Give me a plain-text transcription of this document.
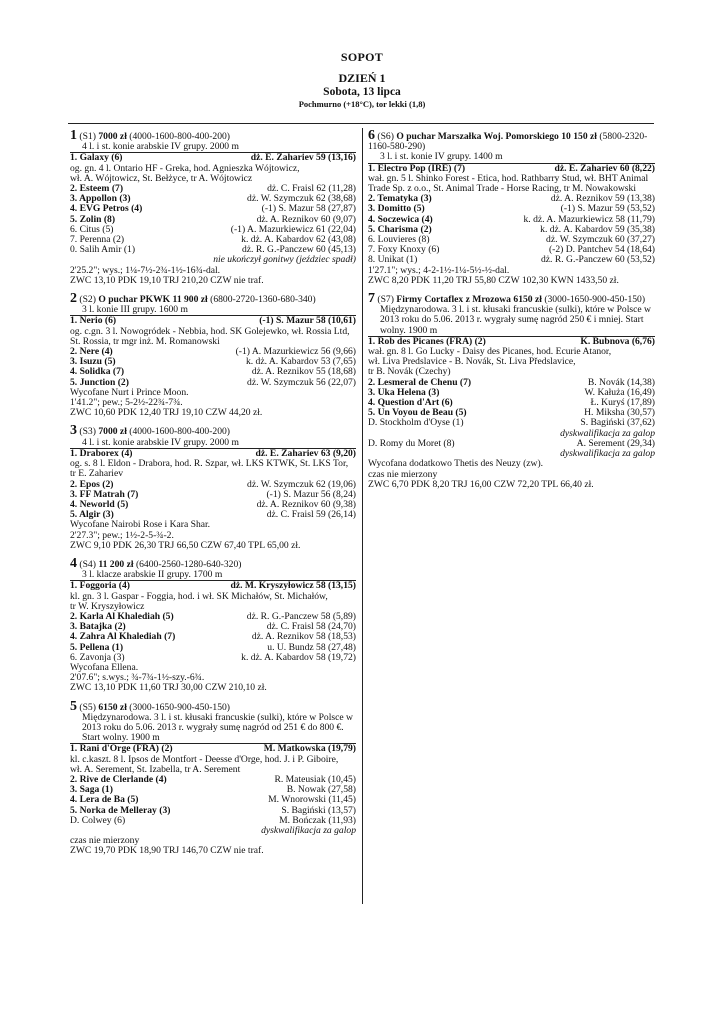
SOPOT
DZIEŃ 1
Sobota, 13 lipca
Pochmurno (+18°C), tor lekki (1,8)
1 (S1) 7000 zł (4000-1600-800-400-200)
4 l. i st. konie arabskie IV grupy. 2000 m
1. Galaxy (6)	dż. E. Zahariev 59 (13,16)
og. gn. 4 l. Ontario HF - Greka, hod. Agnieszka Wójtowicz,
wł. A. Wójtowicz, St. Bełżyce, tr A. Wójtowicz
2. Esteem (7)	dż. C. Fraisl 62 (11,28)
3. Appollon (3)	dż. W. Szymczuk 62 (38,68)
4. EVG Petros (4)	(-1) S. Mazur 58 (27,87)
5. Zolin (8)	dż. A. Reznikov 60 (9,07)
6. Citus (5)	(-1) A. Mazurkiewicz 61 (22,04)
7. Perenna (2)	k. dż. A. Kabardov 62 (43,08)
0. Salih Amir (1)	dż. R. G.-Panczew 60 (45,13)
nie ukończył gonitwy (jeździec spadł)
2'25.2"; wys.; 1¼-7½-2¾-1½-16¾-dal.
ZWC 13,10 PDK 19,10 TRJ 210,20 CZW nie traf.
2 (S2) O puchar PKWK 11 900 zł (6800-2720-1360-680-340)
3 l. konie III grupy. 1600 m
1. Nerio (6)	(-1) S. Mazur 58 (10,61)
og. c.gn. 3 l. Nowogródek - Nebbia, hod. SK Golejewko, wł. Rossia Ltd,
St. Rossia, tr mgr inż. M. Romanowski
2. Nere (4)	(-1) A. Mazurkiewicz 56 (9,66)
3. Isuzu (5)	k. dż. A. Kabardov 53 (7,65)
4. Solidka (7)	dż. A. Reznikov 55 (18,68)
5. Junction (2)	dż. W. Szymczuk 56 (22,07)
Wycofane Nurt i Prince Moon.
1'41.2"; pew.; 5-2½-22¾-7¾.
ZWC 10,60 PDK 12,40 TRJ 19,10 CZW 44,20 zł.
3 (S3) 7000 zł (4000-1600-800-400-200)
4 l. i st. konie arabskie IV grupy. 2000 m
1. Draborex (4)	dż. E. Zahariev 63 (9,20)
og. s. 8 l. Eldon - Drabora, hod. R. Szpar, wł. LKS KTWK, St. LKS Tor,
tr E. Zahariev
2. Epos (2)	dż. W. Szymczuk 62 (19,06)
3. FF Matrah (7)	(-1) S. Mazur 56 (8,24)
4. Neworld (5)	dż. A. Reznikov 60 (9,38)
5. Algir (3)	dż. C. Fraisl 59 (26,14)
Wycofane Nairobi Rose i Kara Shar.
2'27.3"; pew.; 1½-2-5-¾-2.
ZWC 9,10 PDK 26,30 TRJ 66,50 CZW 67,40 TPL 65,00 zł.
4 (S4) 11 200 zł (6400-2560-1280-640-320)
3 l. klacze arabskie II grupy. 1700 m
1. Foggoria (4)	dż. M. Kryszyłowicz 58 (13,15)
kl. gn. 3 l. Gaspar - Foggia, hod. i wł. SK Michałów, St. Michałów,
tr W. Kryszyłowicz
2. Karla Al Khalediah (5)	dż. R. G.-Panczew 58 (5,89)
3. Batajka (2)	dż. C. Fraisl 58 (24,70)
4. Zahra Al Khalediah (7)	dż. A. Reznikov 58 (18,53)
5. Pellena (1)	u. U. Bundz 58 (27,48)
6. Zavonja (3)	k. dż. A. Kabardov 58 (19,72)
Wycofana Ellena.
2'07.6"; s.wys.; ¾-7¾-1½-szy.-6¾.
ZWC 13,10 PDK 11,60 TRJ 30,00 CZW 210,10 zł.
5 (S5) 6150 zł (3000-1650-900-450-150)
Międzynarodowa. 3 l. i st. kłusaki francuskie (sulki), które w Polsce w 2013 roku do 5.06. 2013 r. wygrały sumę nagród od 251 € do 800 €. Start wolny. 1900 m
1. Rani d'Orge (FRA) (2)	M. Matkowska (19,79)
kl. c.kaszt. 8 l. Ipsos de Montfort - Deesse d'Orge, hod. J. i P. Giboire,
wł. A. Serement, St. Izabella, tr A. Serement
2. Rive de Clerlande (4)	R. Mateusiak (10,45)
3. Saga (1)	B. Nowak (27,58)
4. Lera de Ba (5)	M. Wnorowski (11,45)
5. Norka de Melleray (3)	S. Bagiński (13,57)
D. Colwey (6)	M. Bończak (11,93)
dyskwalifikacja za galop
czas nie mierzony
ZWC 19,70 PDK 18,90 TRJ 146,70 CZW nie traf.
6 (S6) O puchar Marszałka Woj. Pomorskiego 10 150 zł (5800-2320-1160-580-290)
3 l. i st. konie IV grupy. 1400 m
1. Electro Pop (IRE) (7)	dż. E. Zahariev 60 (8,22)
wał. gn. 5 l. Shinko Forest - Etica, hod. Rathbarry Stud, wł. BHT Animal
Trade Sp. z o.o., St. Animal Trade - Horse Racing, tr M. Nowakowski
2. Tematyka (3)	dż. A. Reznikov 59 (13,38)
3. Domitto (5)	(-1) S. Mazur 59 (53,52)
4. Soczewica (4)	k. dż. A. Mazurkiewicz 58 (11,79)
5. Charisma (2)	k. dż. A. Kabardov 59 (35,38)
6. Louvieres (8)	dż. W. Szymczuk 60 (37,27)
7. Foxy Knoxy (6)	(-2) D. Pantchev 54 (18,64)
8. Unikat (1)	dż. R. G.-Panczew 60 (53,52)
1'27.1"; wys.; 4-2-1½-1¼-5½-½-dal.
ZWC 8,20 PDK 11,20 TRJ 55,80 CZW 102,30 KWN 1433,50 zł.
7 (S7) Firmy Cortaflex z Mrozowa 6150 zł (3000-1650-900-450-150)
Międzynarodowa. 3 l. i st. kłusaki francuskie (sulki), które w Polsce w 2013 roku do 5.06. 2013 r. wygrały sumę nagród 250 € i mniej. Start wolny. 1900 m
1. Rob des Picanes (FRA) (2)	K. Bubnova (6,76)
wał. gn. 8 l. Go Lucky - Daisy des Picanes, hod. Ecurie Atanor,
wł. Liva Predslavice - B. Novák, St. Liva Předslavice,
tr B. Novák (Czechy)
2. Lesmeral de Chenu (7)	B. Novák (14,38)
3. Uka Helena (3)	W. Kałuża (16,49)
4. Question d'Art (6)	Ł. Kuryś (17,89)
5. Un Voyou de Beau (5)	H. Miksha (30,57)
D. Stockholm d'Oyse (1)	S. Bagiński (37,62)
dyskwalifikacja za galop
D. Romy du Moret (8)	A. Serement (29,34)
dyskwalifikacja za galop
Wycofana dodatkowo Thetis des Neuzy (zw).
czas nie mierzony
ZWC 6,70 PDK 8,20 TRJ 16,00 CZW 72,20 TPL 66,40 zł.
